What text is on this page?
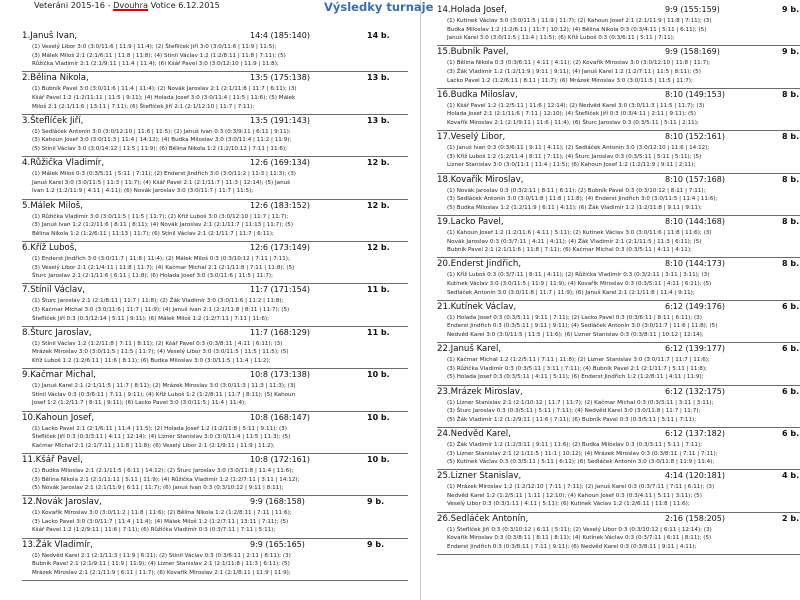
Veteráni 2015-16 - Dvouhra Votice 6.12.2015	Výsledky turnaje
1.Januš Ivan,	14:4 (185:140)	14 b.
(1) Veselý Libor 3:0 (3:0/11:6 | 11:9 | 11:4); (2) Šteflíček Jiří 3:0 (3:0/11:6 | 11:9 | 11:5);
(3) Málek Miloš 2:1 (2:1/6:11 | 11:8 | 11:8); (4) Stínil Václav 1:2 (1:2/8:11 | 11:8 | 7:11); (5)
Růžička Vladimír 2:1 (2:1/9:11 | 11:4 | 11:4); (6) Kšář Pavel 3:0 (3:0/12:10 | 11:9 | 11:8);
2.Bělina Nikola,	13:5 (175:138)	13 b.
(1) Bubník Pavel 3:0 (3:0/11:6 | 11:4 | 11:4); (2) Novák Jaroslav 2:1 (2:1/11:8 | 11:7 | 6:11); (3)
Kšář Pavel 1:2 (1:2/11:11 | 11:5 | 9:11); (4) Holada Josef 3:0 (3:0/11:4 | 11:5 | 11:6); (5) Málek
Miloš 2:1 (2:1/11:6 | 13:11 | 7:11); (6) Šteflíček Jiří 2:1 (2:1/12:10 | 11:7 | 7:11);
3.Šteflíček Jiří,	13:5 (191:143)	13 b.
(1) Sedláček Antonín 3:0 (3:0/12:10 | 11:6 | 11:5); (2) Januš Ivan 0:3 (0:3/9:11 | 6:11 | 9:11);
(3) Kahoun Josef 3:0 (3:0/11:3 | 11:4 | 14:12); (4) Budka Miloslav 3:0 (3:0/11:4 | 11:2 | 11:9);
(5) Stínil Václav 3:0 (3:0/14:12 | 11:5 | 11:9); (6) Bělina Nikola 1:2 (1:2/10:12 | 7:11 | 11:6);
4.Růžička Vladimír,	12:6 (169:134)	12 b.
(1) Málek Miloš 0:3 (0:3/5:11 | 5:11 | 7:11); (2) Enderst Jindřich 3:0 (3:0/11:2 | 11:3 | 11:3); (3)
Januš Karel 3:0 (3:0/11:5 | 11:3 | 11:7); (4) Kšář Pavel 2:1 (2:1/11:7 | 11:3 | 12:14); (5) Januš
Ivan 1:2 (1:2/11:9 | 4:11 | 4:11); (6) Novák Jaroslav 3:0 (3:0/11:7 | 11:7 | 11:5);
5.Málek Miloš,	12:6 (183:152)	12 b.
(1) Růžička Vladimír 3:0 (3:0/11:5 | 11:5 | 11:7); (2) Kříž Luboš 3:0 (3:0/12:10 | 11:7 | 11:7);
(3) Januš Ivan 1:2 (1:2/11:6 | 8:11 | 8:11); (4) Novák Jaroslav 2:1 (2:1/11:7 | 11:13 | 11:7); (5)
Bělina Nikola 1:2 (1:2/6:11 | 11:13 | 11:7); (6) Stínil Václav 2:1 (2:1/11:7 | 11:7 | 6:11);
6.Kříž Luboš,	12:6 (173:149)	12 b.
(1) Enderst Jindřich 3:0 (3:0/11:7 | 11:8 | 11:4); (2) Málek Miloš 0:3 (0:3/10:12 | 7:11 | 7:11);
(3) Veselý Libor 2:1 (2:1/4:11 | 11:8 | 11:7); (4) Kačmar Michal 2:1 (2:1/11:8 | 7:11 | 11:8); (5)
Šturc Jaroslav 2:1 (2:1/11:6 | 6:11 | 11:8); (6) Holada Josef 3:0 (3:0/11:6 | 11:5 | 11:7);
7.Stínil Václav,	11:7 (171:154)	11 b.
(1) Šturc Jaroslav 2:1 (2:1/8:11 | 11:7 | 11:8); (2) Žák Vladimír 3:0 (3:0/11:6 | 11:2 | 11:8);
(3) Kačmar Michal 3:0 (3:0/11:6 | 11:7 | 11:9); (4) Januš Ivan 2:1 (2:1/11:8 | 8:11 | 11:7); (5)
Šteflíček Jiří 0:3 (0:3/12:14 | 5:11 | 9:11); (6) Málek Miloš 1:2 (1:2/7:11 | 7:11 | 11:6);
8.Šturc Jaroslav,	11:7 (168:129)	11 b.
(1) Stínil Václav 1:2 (1:2/11:8 | 7:11 | 8:11); (2) Kšář Pavel 0:3 (0:3/8:11 | 4:11 | 6:11); (3)
Mrázek Miroslav 3:0 (3:0/11:5 | 11:5 | 11:7); (4) Veselý Libor 3:0 (3:0/11:5 | 11:5 | 11:5); (5)
Kříž Luboš 1:2 (1:2/6:11 | 11:6 | 8:11); (6) Budka Miloslav 3:0 (3:0/11:5 | 11:4 | 11:2);
9.Kačmar Michal,	10:8 (173:138)	10 b.
(1) Januš Karel 2:1 (2:1/11:5 | 11:7 | 8:11); (2) Mrázek Miroslav 3:0 (3:0/11:3 | 11:3 | 11:3); (3)
Stínil Václav 0:3 (0:3/6:11 | 7:11 | 9:11); (4) Kříž Luboš 1:2 (1:2/8:11 | 11:7 | 8:11); (5) Kahoun
Josef 1:2 (1:2/11:7 | 8:11 | 9:11); (6) Lacko Pavel 3:0 (3:0/11:5 | 11:4 | 11:4);
10.Kahoun Josef,	10:8 (168:147)	10 b.
(1) Lacko Pavel 2:1 (2:1/6:11 | 11:4 | 11:5); (2) Holada Josef 1:2 (1:2/11:8 | 5:11 | 9:11); (3)
Šteflíček Jiří 0:3 (0:3/3:11 | 4:11 | 12:14); (4) Lizner Stanislav 3:0 (3:0/11:4 | 11:5 | 11:3); (5)
Kačmar Michal 2:1 (2:1/7:11 | 11:8 | 11:8); (6) Veselý Libor 2:1 (2:1/9:11 | 11:9 | 11:2);
11.Kšář Pavel,	10:8 (172:161)	10 b.
(1) Budka Miloslav 2:1 (2:1/11:5 | 6:11 | 14:12); (2) Šturc Jaroslav 3:0 (3:0/11:8 | 11:4 | 11:6);
(3) Bělina Nikola 2:1 (2:1/11:11 | 5:11 | 11:9); (4) Růžička Vladimír 1:2 (1:2/7:11 | 3:11 | 14:12);
(5) Novák Jaroslav 2:1 (2:1/11:9 | 6:11 | 11:7); (6) Januš Ivan 0:3 (0:3/10:12 | 9:11 | 8:11);
12.Novák Jaroslav,	9:9 (168:158)	9 b.
(1) Kovařík Miroslav 3:0 (3:0/11:2 | 11:8 | 11:6); (2) Bělina Nikola 1:2 (1:2/8:11 | 7:11 | 11:6);
(3) Lacko Pavel 3:0 (3:0/11:7 | 11:4 | 11:4); (4) Málek Miloš 1:2 (1:2/7:11 | 13:11 | 7:11); (5)
Kšář Pavel 1:2 (1:2/9:11 | 11:6 | 7:11); (6) Růžička Vladimír 0:3 (0:3/7:11 | 7:11 | 5:11);
13.Žák Vladimír,	9:9 (165:165)	9 b.
(1) Nedvěd Karel 2:1 (2:1/11:3 | 11:9 | 6:11); (2) Stínil Václav 0:3 (0:3/6:11 | 2:11 | 8:11); (3)
Bubník Pavel 2:1 (2:1/9:11 | 11:9 | 11:9); (4) Lizner Stanislav 2:1 (2:1/11:8 | 11:3 | 6:11); (5)
Mrázek Miroslav 2:1 (2:1/11:9 | 6:11 | 11:7); (6) Kovařík Miroslav 2:1 (2:1/8:11 | 11:9 | 11:9);
14.Holada Josef,	9:9 (155:159)	9 b.
(1) Kutínek Václav 3:0 (3:0/11:5 | 11:9 | 11:7); (2) Kahoun Josef 2:1 (2:1/11:9 | 11:8 | 7:11); (3)
Budka Miloslav 1:2 (1:2/6:11 | 11:7 | 10:12); (4) Bělina Nikola 0:3 (0:3/4:11 | 5:11 | 6:11); (5)
Januš Karel 3:0 (3:0/11:5 | 11:4 | 11:5); (6) Kříž Luboš 0:3 (0:3/6:11 | 5:11 | 7:11);
15.Bubník Pavel,	9:9 (158:169)	9 b.
(1) Bělina Nikola 0:3 (0:3/6:11 | 4:11 | 4:11); (2) Kovařík Miroslav 3:0 (3:0/12:10 | 11:8 | 11:7);
(3) Žák Vladimír 1:2 (1:2/11:9 | 9:11 | 9:11); (4) Januš Karel 1:2 (1:2/7:11 | 11:5 | 8:11); (5)
Lacko Pavel 1:2 (1:2/6:11 | 8:11 | 11:7); (6) Mrázek Miroslav 3:0 (3:0/11:5 | 11:5 | 11:7);
16.Budka Miloslav,	8:10 (149:153)	8 b.
(1) Kšář Pavel 1:2 (1:2/5:11 | 11:6 | 12:14); (2) Nedvěd Karel 3:0 (3:0/11:3 | 11:5 | 11:7); (3)
Holada Josef 2:1 (2:1/11:6 | 7:11 | 12:10); (4) Šteflíček Jiří 0:3 (0:3/4:11 | 2:11 | 9:11); (5)
Kovařík Miroslav 2:1 (2:1/9:11 | 11:6 | 11:4); (6) Šturc Jaroslav 0:3 (0:3/5:11 | 5:11 | 2:11);
17.Veselý Libor,	8:10 (152:161)	8 b.
(1) Januš Ivan 0:3 (0:3/6:11 | 9:11 | 4:11); (2) Sedláček Antonín 3:0 (3:0/12:10 | 11:6 | 14:12);
(3) Kříž Luboš 1:2 (1:2/11:4 | 8:11 | 7:11); (4) Šturc Jaroslav 0:3 (0:3/5:11 | 5:11 | 5:11); (5)
Lizner Stanislav 3:0 (3:0/11:1 | 11:4 | 11:5); (6) Kahoun Josef 1:2 (1:2/11:9 | 9:11 | 2:11);
18.Kovařík Miroslav,	8:10 (157:168)	8 b.
(1) Novák Jaroslav 0:3 (0:3/2:11 | 8:11 | 6:11); (2) Bubník Pavel 0:3 (0:3/10:12 | 8:11 | 7:11);
(3) Sedláček Antonín 3:0 (3:0/11:8 | 11:8 | 11:8); (4) Enderst Jindřich 3:0 (3:0/11:5 | 11:4 | 11:6);
(5) Budka Miloslav 1:2 (1:2/11:9 | 6:11 | 4:11); (6) Žák Vladimír 1:2 (1:2/11:8 | 9:11 | 9:11);
19.Lacko Pavel,	8:10 (144:168)	8 b.
(1) Kahoun Josef 1:2 (1:2/11:6 | 4:11 | 5:11); (2) Kutínek Václav 3:0 (3:0/11:6 | 11:8 | 11:6); (3)
Novák Jaroslav 0:3 (0:3/7:11 | 4:11 | 4:11); (4) Žák Vladimír 2:1 (2:1/11:5 | 11:3 | 6:11); (5)
Bubník Pavel 2:1 (2:1/11:6 | 11:8 | 7:11); (6) Kačmar Michal 0:3 (0:3/5:11 | 4:11 | 4:11);
20.Enderst Jindřich,	8:10 (144:173)	8 b.
(1) Kříž Luboš 0:3 (0:3/7:11 | 8:11 | 4:11); (2) Růžička Vladimír 0:3 (0:3/2:11 | 3:11 | 3:11); (3)
Kutínek Václav 3:0 (3:0/11:5 | 11:9 | 11:9); (4) Kovařík Miroslav 0:3 (0:3/5:11 | 4:11 | 6:11); (5)
Sedláček Antonín 3:0 (3:0/11:8 | 11:7 | 11:9); (6) Januš Karel 2:1 (2:1/11:8 | 11:4 | 9:11);
21.Kutínek Václav,	6:12 (149:176)	6 b.
(1) Holada Josef 0:3 (0:3/5:11 | 9:11 | 7:11); (2) Lacko Pavel 0:3 (0:3/6:11 | 8:11 | 6:11); (3)
Enderst Jindřich 0:3 (0:3/5:11 | 9:11 | 9:11); (4) Sedláček Antonín 3:0 (3:0/11:7 | 11:6 | 11:8); (5)
Nedvěd Karel 3:0 (3:0/11:5 | 11:5 | 11:6); (6) Lizner Stanislav 0:3 (0:3/8:11 | 10:12 | 12:14);
22.Januš Karel,	6:12 (139:177)	6 b.
(1) Kačmar Michal 1:2 (1:2/5:11 | 7:11 | 11:8); (2) Lizner Stanislav 3:0 (3:0/11:7 | 11:7 | 11:6);
(3) Růžička Vladimír 0:3 (0:3/5:11 | 3:11 | 7:11); (4) Bubník Pavel 2:1 (2:1/11:7 | 5:11 | 11:8);
(5) Holada Josef 0:3 (0:3/5:11 | 4:11 | 5:11); (6) Enderst Jindřich 1:2 (1:2/8:11 | 4:11 | 11:9);
23.Mrázek Miroslav,	6:12 (132:175)	6 b.
(1) Lizner Stanislav 2:1 (2:1/10:12 | 11:7 | 11:7); (2) Kačmar Michal 0:3 (0:3/3:11 | 3:11 | 3:11);
(3) Šturc Jaroslav 0:3 (0:3/5:11 | 5:11 | 7:11); (4) Nedvěd Karel 3:0 (3:0/11:8 | 11:7 | 11:7);
(5) Žák Vladimír 1:2 (1:2/9:11 | 11:6 | 7:11); (6) Bubník Pavel 0:3 (0:3/5:11 | 5:11 | 7:11);
24.Nedvěd Karel,	6:12 (137:182)	6 b.
(1) Žák Vladimír 1:2 (1:2/3:11 | 9:11 | 11:6); (2) Budka Miloslav 0:3 (0:3/3:11 | 5:11 | 7:11);
(3) Lizner Stanislav 2:1 (2:1/11:5 | 11:1 | 10:12); (4) Mrázek Miroslav 0:3 (0:3/8:11 | 7:11 | 7:11);
(5) Kutínek Václav 0:3 (0:3/5:11 | 5:11 | 6:11); (6) Sedláček Antonín 3:0 (3:0/11:8 | 11:9 | 11:4);
25.Lizner Stanislav,	4:14 (120:181)	4 b.
(1) Mrázek Miroslav 1:2 (1:2/12:10 | 7:11 | 7:11); (2) Januš Karel 0:3 (0:3/7:11 | 7:11 | 6:11); (3)
Nedvěd Karel 1:2 (1:2/5:11 | 1:11 | 12:10); (4) Kahoun Josef 0:3 (0:3/4:11 | 5:11 | 3:11); (5)
Veselý Libor 0:3 (0:3/1:11 | 4:11 | 5:11); (6) Kutínek Václav 1:2 (1:2/6:11 | 11:8 | 11:6);
26.Sedláček Antonín,	2:16 (158:205)	2 b.
(1) Šteflíček Jiří 0:3 (0:3/10:12 | 6:11 | 5:11); (2) Veselý Libor 0:3 (0:3/10:12 | 6:11 | 12:14); (3)
Kovařík Miroslav 0:3 (0:3/8:11 | 8:11 | 8:11); (4) Kutínek Václav 0:3 (0:3/7:11 | 6:11 | 8:11); (5)
Enderst Jindřich 0:3 (0:3/8:11 | 7:11 | 9:11); (6) Nedvěd Karel 0:3 (0:3/8:11 | 9:11 | 4:11);
